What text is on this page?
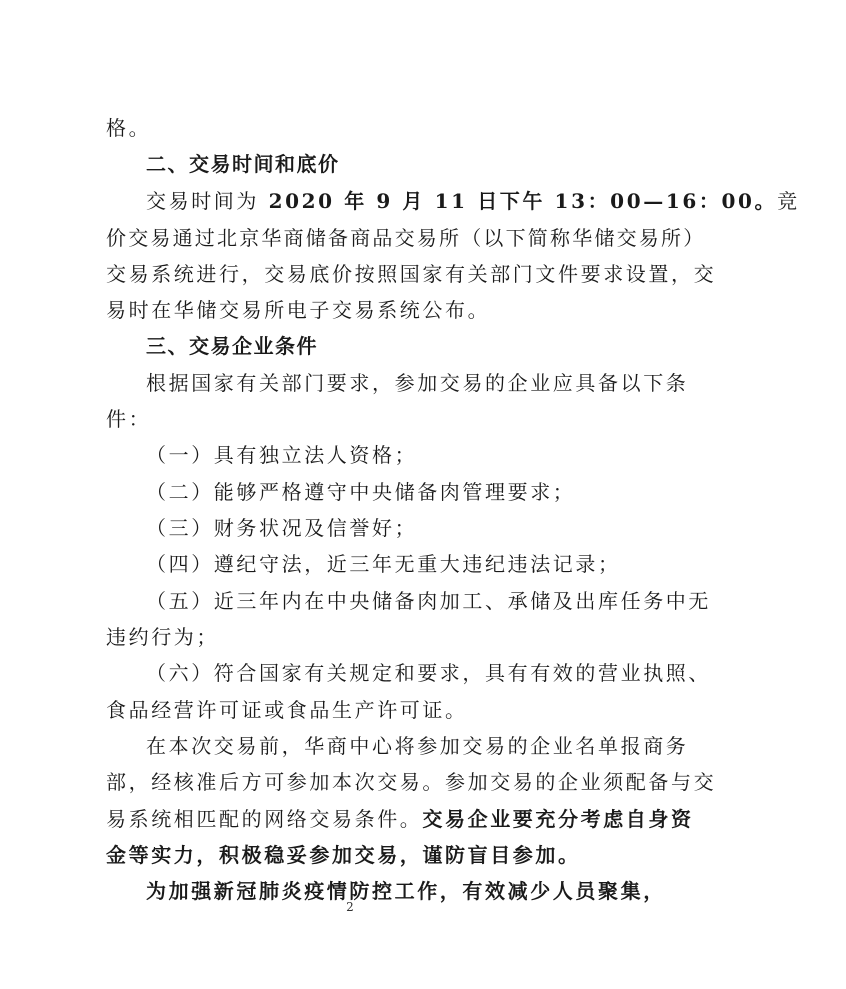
格。
二、交易时间和底价
交易时间为 2020 年 9 月 11 日下午 13：00—16：00。竞
价交易通过北京华商储备商品交易所（以下简称华储交易所）
交易系统进行，交易底价按照国家有关部门文件要求设置，交
易时在华储交易所电子交易系统公布。
三、交易企业条件
根据国家有关部门要求，参加交易的企业应具备以下条
件：
（一）具有独立法人资格；
（二）能够严格遵守中央储备肉管理要求；
（三）财务状况及信誉好；
（四）遵纪守法，近三年无重大违纪违法记录；
（五）近三年内在中央储备肉加工、承储及出库任务中无
违约行为；
（六）符合国家有关规定和要求，具有有效的营业执照、
食品经营许可证或食品生产许可证。
在本次交易前，华商中心将参加交易的企业名单报商务
部，经核准后方可参加本次交易。参加交易的企业须配备与交
易系统相匹配的网络交易条件。交易企业要充分考虑自身资
金等实力，积极稳妥参加交易，谨防盲目参加。
为加强新冠肺炎疫情防控工作，有效减少人员聚集，
2
